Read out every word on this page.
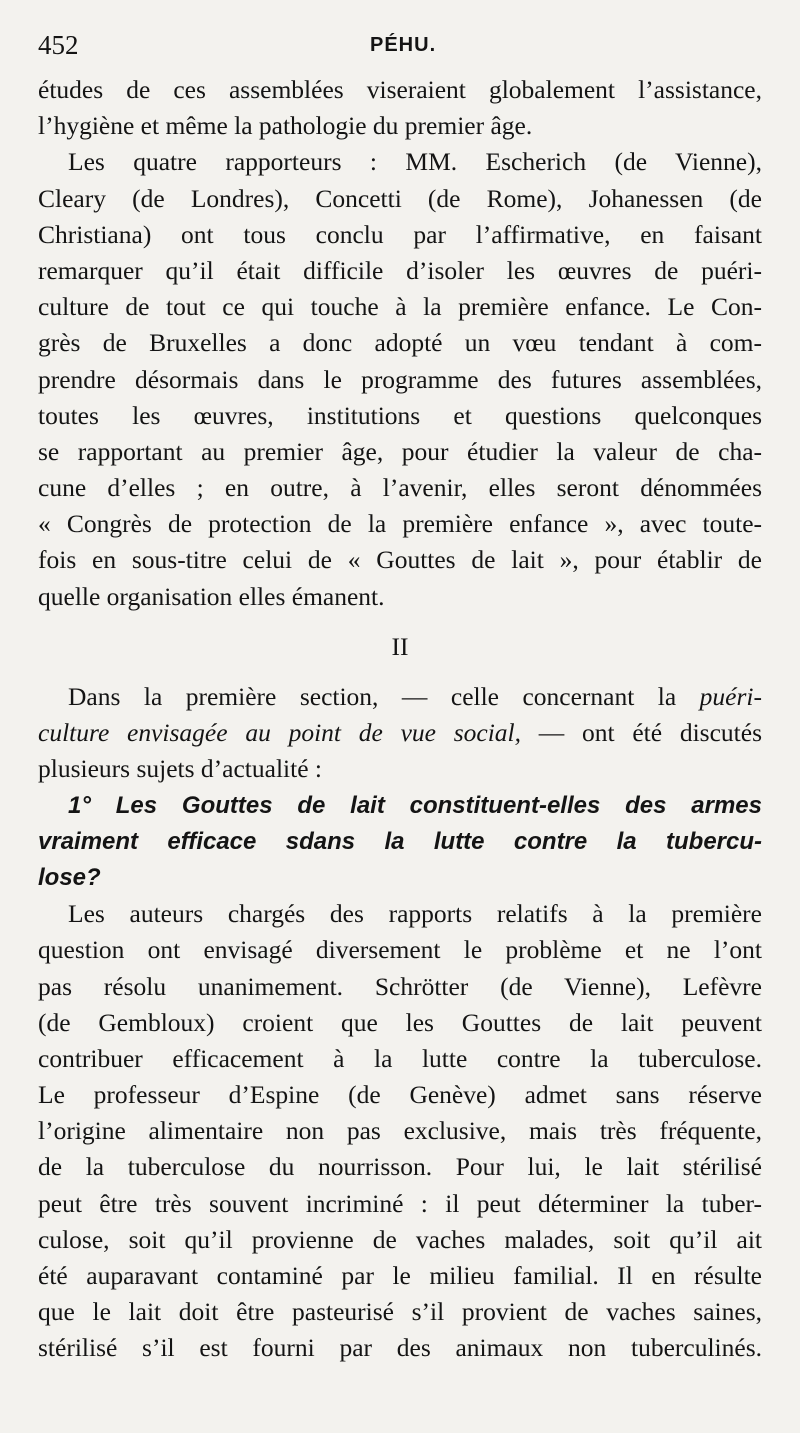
452	PÉHU.
études de ces assemblées viseraient globalement l’assistance,
l’hygiène et même la pathologie du premier âge.
Les quatre rapporteurs : MM. Escherich (de Vienne),
Cleary (de Londres), Concetti (de Rome), Johanessen (de
Christiana) ont tous conclu par l’affirmative, en faisant
remarquer qu’il était difficile d’isoler les œuvres de puéri-
culture de tout ce qui touche à la première enfance. Le Con-
grès de Bruxelles a donc adopté un vœu tendant à com-
prendre désormais dans le programme des futures assemblées,
toutes les œuvres, institutions et questions quelconques
se rapportant au premier âge, pour étudier la valeur de cha-
cune d’elles ; en outre, à l’avenir, elles seront dénommées
« Congrès de protection de la première enfance », avec toute-
fois en sous-titre celui de « Gouttes de lait », pour établir de
quelle organisation elles émanent.
II
Dans la première section, — celle concernant la puéri-
culture envisagée au point de vue social, — ont été discutés
plusieurs sujets d’actualité :
1° Les Gouttes de lait constituent-elles des armes
vraiment efficace sdans la lutte contre la tubercu-
lose?
Les auteurs chargés des rapports relatifs à la première
question ont envisagé diversement le problème et ne l’ont
pas résolu unanimement. Schrötter (de Vienne), Lefèvre
(de Gembloux) croient que les Gouttes de lait peuvent
contribuer efficacement à la lutte contre la tuberculose.
Le professeur d’Espine (de Genève) admet sans réserve
l’origine alimentaire non pas exclusive, mais très fréquente,
de la tuberculose du nourrisson. Pour lui, le lait stérilisé
peut être très souvent incriminé : il peut déterminer la tuber-
culose, soit qu’il provienne de vaches malades, soit qu’il ait
été auparavant contaminé par le milieu familial. Il en résulte
que le lait doit être pasteurisé s’il provient de vaches saines,
stérilisé s’il est fourni par des animaux non tuberculinés.
